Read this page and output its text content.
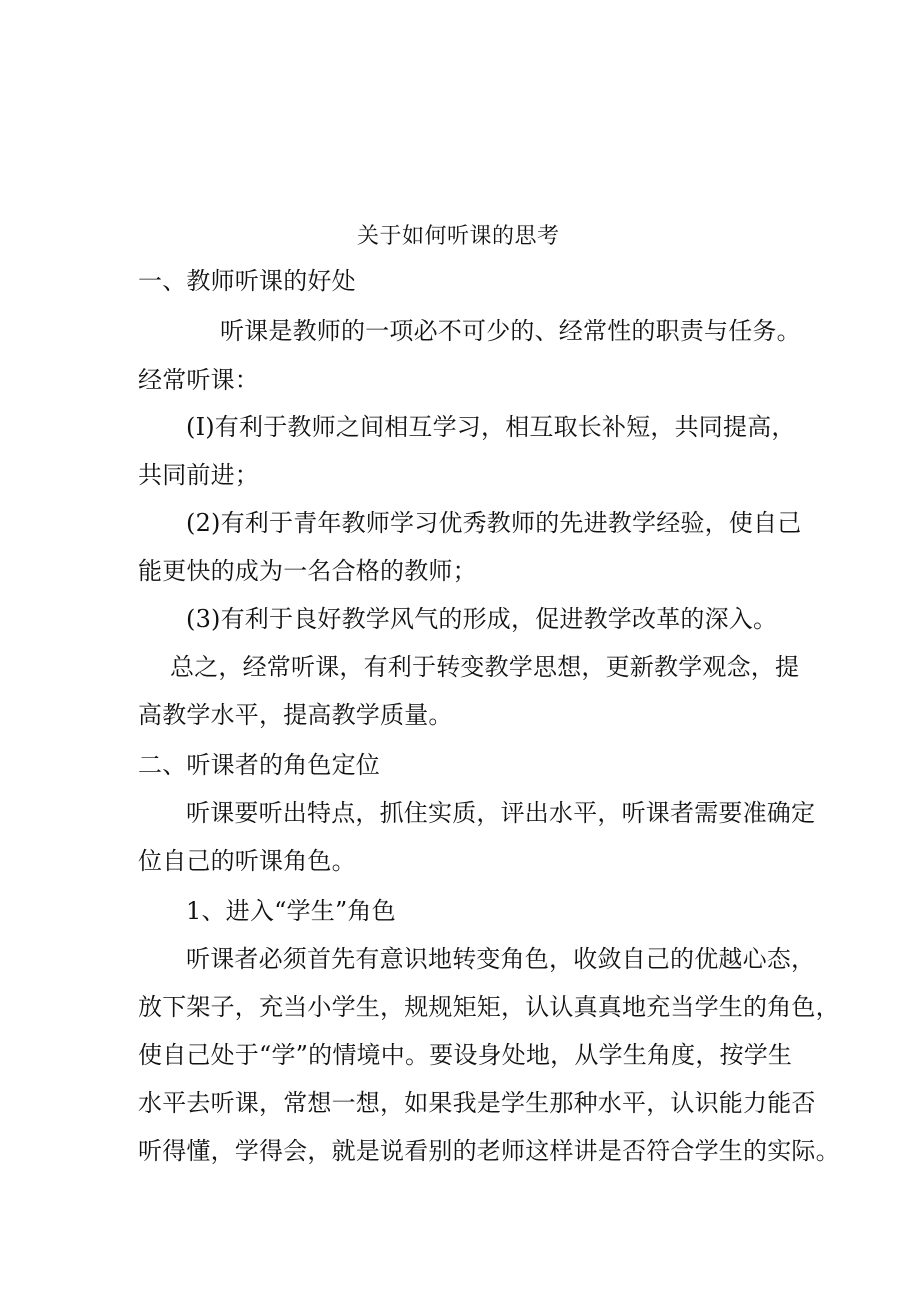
关于如何听课的思考
一、教师听课的好处
听课是教师的一项必不可少的、经常性的职责与任务。
经常听课：
(I)有利于教师之间相互学习，相互取长补短，共同提高，
共同前进；
(2)有利于青年教师学习优秀教师的先进教学经验，使自己
能更快的成为一名合格的教师；
(3)有利于良好教学风气的形成，促进教学改革的深入。
总之，经常听课，有利于转变教学思想，更新教学观念，提
高教学水平，提高教学质量。
二、听课者的角色定位
听课要听出特点，抓住实质，评出水平，听课者需要准确定
位自己的听课角色。
1、进入“学生”角色
听课者必须首先有意识地转变角色，收敛自己的优越心态，
放下架子，充当小学生，规规矩矩，认认真真地充当学生的角色，
使自己处于“学”的情境中。要设身处地，从学生角度，按学生
水平去听课，常想一想，如果我是学生那种水平，认识能力能否
听得懂，学得会，就是说看别的老师这样讲是否符合学生的实际。
